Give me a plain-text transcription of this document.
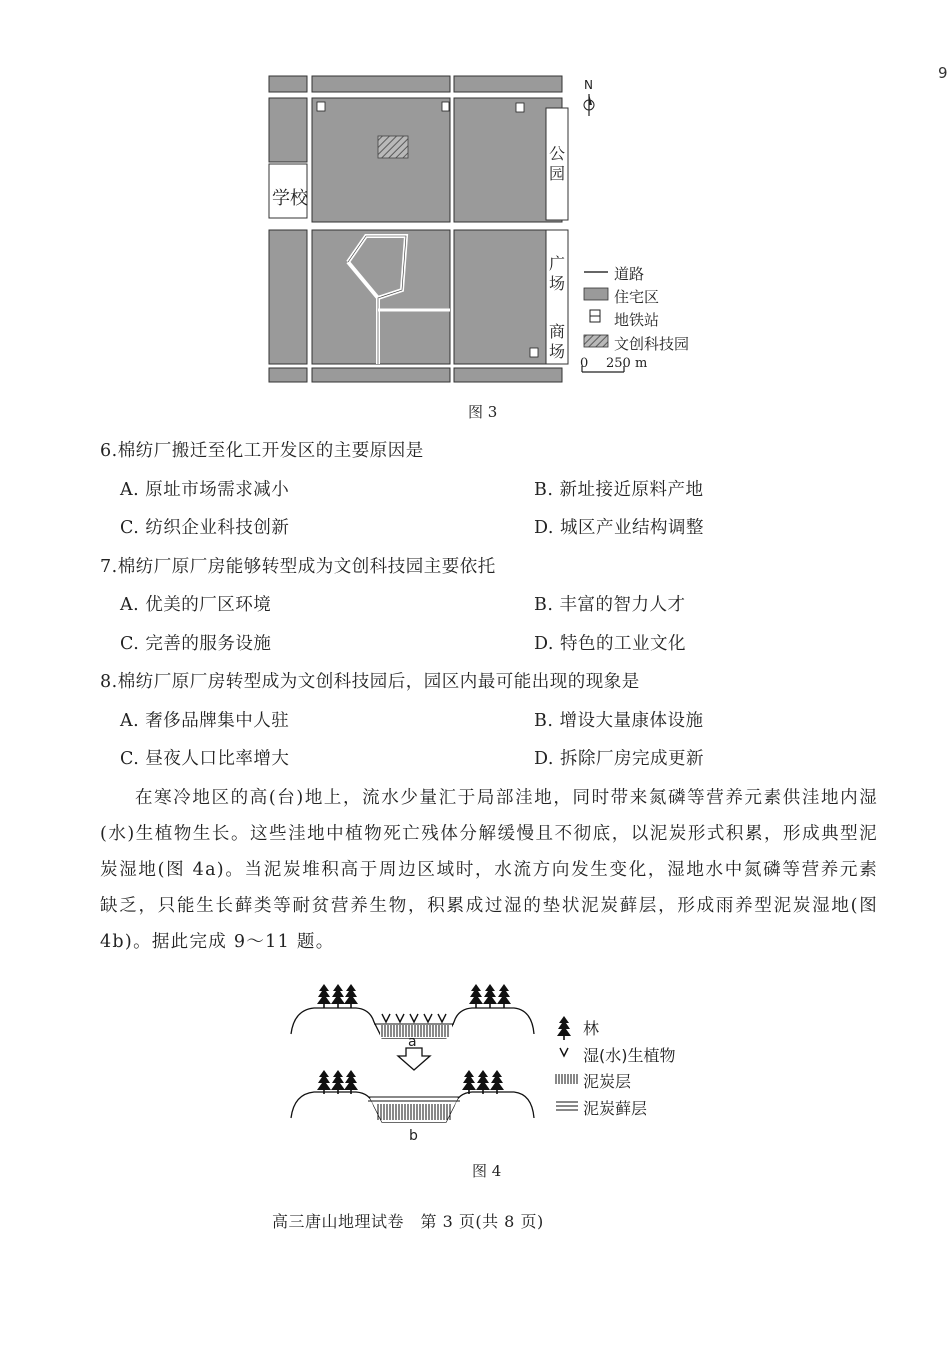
9
学校
公园
广场
商场
N
道路
住宅区
地铁站
文创科技园
0 250 m
图 3
6.棉纺厂搬迁至化工开发区的主要原因是
A. 原址市场需求减小	B. 新址接近原料产地
C. 纺织企业科技创新	D. 城区产业结构调整
7.棉纺厂原厂房能够转型成为文创科技园主要依托
A. 优美的厂区环境	B. 丰富的智力人才
C. 完善的服务设施	D. 特色的工业文化
8.棉纺厂原厂房转型成为文创科技园后，园区内最可能出现的现象是
A. 奢侈品牌集中人驻	B. 增设大量康体设施
C. 昼夜人口比率增大	D. 拆除厂房完成更新
在寒冷地区的高(台)地上，流水少量汇于局部洼地，同时带来氮磷等营养元素供洼地内湿(水)生植物生长。这些洼地中植物死亡残体分解缓慢且不彻底，以泥炭形式积累，形成典型泥炭湿地(图 4a)。当泥炭堆积高于周边区域时，水流方向发生变化，湿地水中氮磷等营养元素缺乏，只能生长藓类等耐贫营养生物，积累成过湿的垫状泥炭藓层，形成雨养型泥炭湿地(图 4b)。据此完成 9～11 题。
a
b
林
湿(水)生植物
泥炭层
泥炭藓层
图 4
高三唐山地理试卷　第 3 页(共 8 页)
